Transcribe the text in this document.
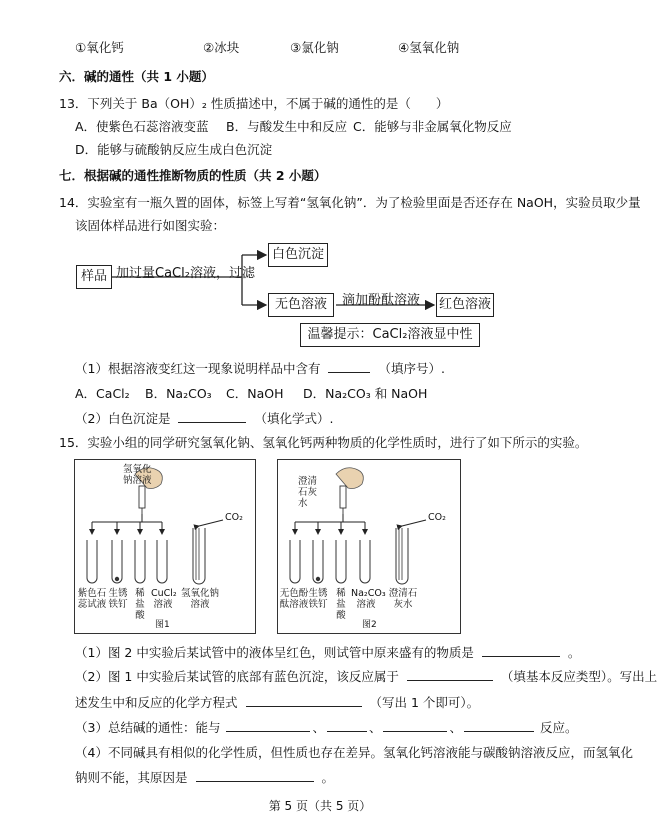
①氧化钙	②冰块	③氯化钠	④氢氧化钠
六．碱的通性（共 1 小题）
13．下列关于 Ba（OH）₂ 性质描述中，不属于碱的通性的是（　　）
A．使紫色石蕊溶液变蓝 B．与酸发生中和反应 C．能够与非金属氧化物反应
D．能够与硫酸钠反应生成白色沉淀
七．根据碱的通性推断物质的性质（共 2 小题）
14．实验室有一瓶久置的固体，标签上写着“氢氧化钠”．为了检验里面是否还存在 NaOH，实验员取少量
该固体样品进行如图实验：
样品 加过量CaCl₂溶液，过滤
白色沉淀
无色溶液	滴加酚酞溶液 红色溶液
温馨提示：CaCl₂溶液显中性
（1）根据溶液变红这一现象说明样品中含有	（填序号）.
A．CaCl₂ B．Na₂CO₃ C．NaOH D．Na₂CO₃ 和 NaOH
（2）白色沉淀是	（填化学式）.
15．实验小组的同学研究氢氧化钠、氢氧化钙两种物质的化学性质时，进行了如下所示的实验。
氢氧化钠溶液
CO₂
紫色石蕊试液
生锈铁钉
稀盐酸
CuCl₂溶液
氢氧化钠溶液
图1
澄清石灰水
CO₂
无色酚酞溶液
生锈铁钉
稀盐酸
Na₂CO₃溶液
澄清石灰水
图2
（1）图 2 中实验后某试管中的液体呈红色，则试管中原来盛有的物质是	。
（2）图 1 中实验后某试管的底部有蓝色沉淀，该反应属于	（填基本反应类型）。写出上
述发生中和反应的化学方程式	（写出 1 个即可）。
（3）总结碱的通性：能与	、	、	、	反应。
（4）不同碱具有相似的化学性质，但性质也存在差异。氢氧化钙溶液能与碳酸钠溶液反应，而氢氧化
钠则不能，其原因是	。
第 5 页（共 5 页）
